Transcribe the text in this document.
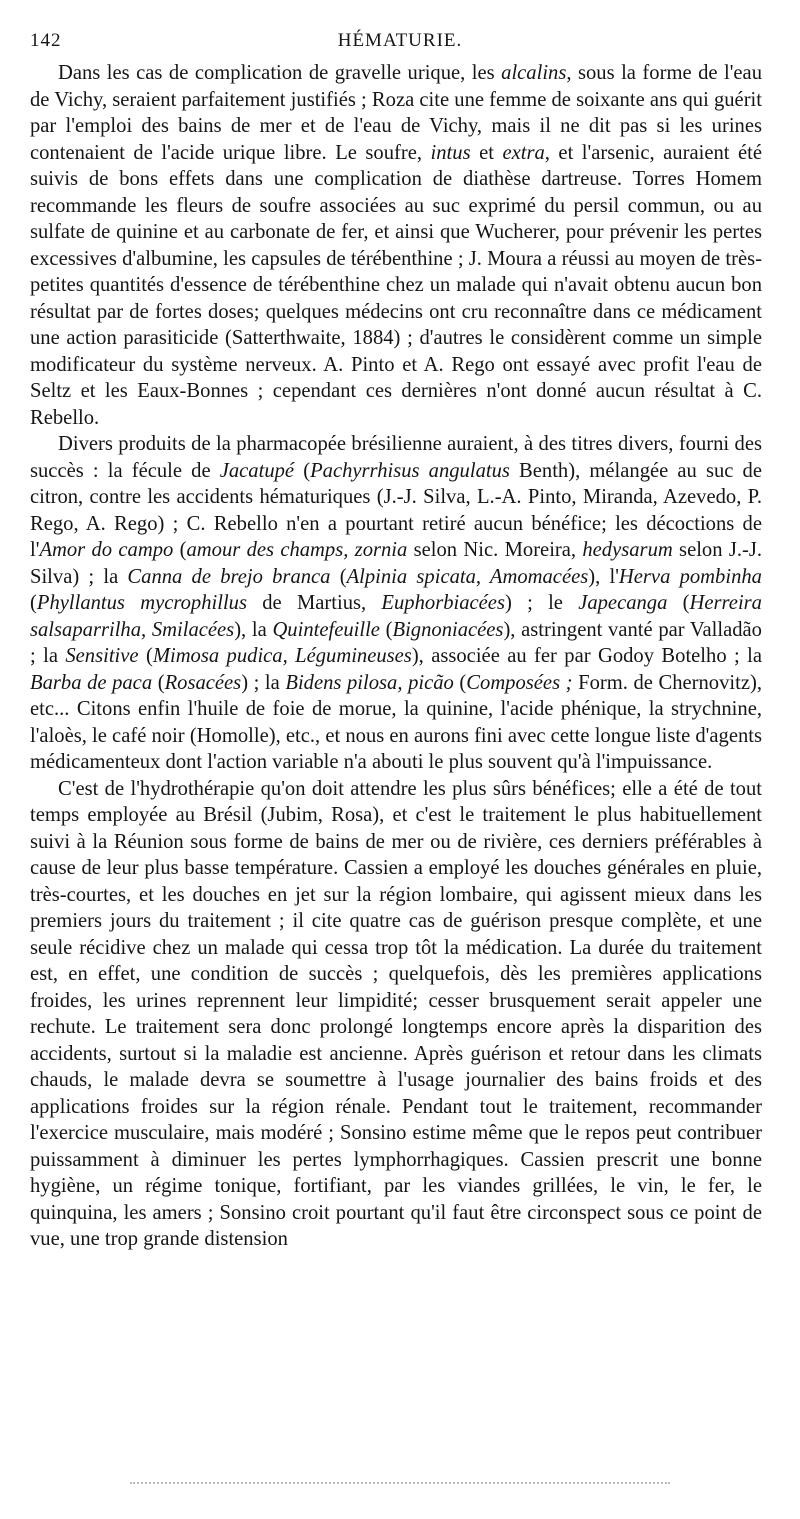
142	HÉMATURIE.

Dans les cas de complication de gravelle urique, les alcalins, sous la forme de l'eau de Vichy, seraient parfaitement justifiés ; Roza cite une femme de soixante ans qui guérit par l'emploi des bains de mer et de l'eau de Vichy, mais il ne dit pas si les urines contenaient de l'acide urique libre. Le soufre, intus et extra, et l'arsenic, auraient été suivis de bons effets dans une complication de diathèse dartreuse. Torres Homem recommande les fleurs de soufre associées au suc exprimé du persil commun, ou au sulfate de quinine et au carbonate de fer, et ainsi que Wucherer, pour prévenir les pertes excessives d'albumine, les capsules de térébenthine ; J. Moura a réussi au moyen de très-petites quantités d'essence de térébenthine chez un malade qui n'avait obtenu aucun bon résultat par de fortes doses; quelques médecins ont cru reconnaître dans ce médicament une action parasiticide (Satterthwaite, 1884) ; d'autres le considèrent comme un simple modificateur du système nerveux. A. Pinto et A. Rego ont essayé avec profit l'eau de Seltz et les Eaux-Bonnes ; cependant ces dernières n'ont donné aucun résultat à C. Rebello.

Divers produits de la pharmacopée brésilienne auraient, à des titres divers, fourni des succès : la fécule de Jacatupé (Pachyrrhisus angulatus Benth), mélangée au suc de citron, contre les accidents hématuriques (J.-J. Silva, L.-A. Pinto, Miranda, Azevedo, P. Rego, A. Rego) ; C. Rebello n'en a pourtant retiré aucun bénéfice; les décoctions de l'Amor do campo (amour des champs, zornia selon Nic. Moreira, hedysarum selon J.-J. Silva) ; la Canna de brejo branca (Alpinia spicata, Amomacées), l'Herva pombinha (Phyllantus mycrophillus de Martius, Euphorbiacées) ; le Japecanga (Herreira salsaparrilha, Smilacées), la Quintefeuille (Bignoniacées), astringent vanté par Valladão ; la Sensitive (Mimosa pudica, Légumineuses), associée au fer par Godoy Botelho ; la Barba de paca (Rosacées) ; la Bidens pilosa, picão (Composées ; Form. de Chernovitz), etc... Citons enfin l'huile de foie de morue, la quinine, l'acide phénique, la strychnine, l'aloès, le café noir (Homolle), etc., et nous en aurons fini avec cette longue liste d'agents médicamenteux dont l'action variable n'a abouti le plus souvent qu'à l'impuissance.

C'est de l'hydrothérapie qu'on doit attendre les plus sûrs bénéfices; elle a été de tout temps employée au Brésil (Jubim, Rosa), et c'est le traitement le plus habituellement suivi à la Réunion sous forme de bains de mer ou de rivière, ces derniers préférables à cause de leur plus basse température. Cassien a employé les douches générales en pluie, très-courtes, et les douches en jet sur la région lombaire, qui agissent mieux dans les premiers jours du traitement ; il cite quatre cas de guérison presque complète, et une seule récidive chez un malade qui cessa trop tôt la médication. La durée du traitement est, en effet, une condition de succès ; quelquefois, dès les premières applications froides, les urines reprennent leur limpidité; cesser brusquement serait appeler une rechute. Le traitement sera donc prolongé longtemps encore après la disparition des accidents, surtout si la maladie est ancienne. Après guérison et retour dans les climats chauds, le malade devra se soumettre à l'usage journalier des bains froids et des applications froides sur la région rénale. Pendant tout le traitement, recommander l'exercice musculaire, mais modéré ; Sonsino estime même que le repos peut contribuer puissamment à diminuer les pertes lymphorrhagiques. Cassien prescrit une bonne hygiène, un régime tonique, fortifiant, par les viandes grillées, le vin, le fer, le quinquina, les amers ; Sonsino croit pourtant qu'il faut être circonspect sous ce point de vue, une trop grande distension
